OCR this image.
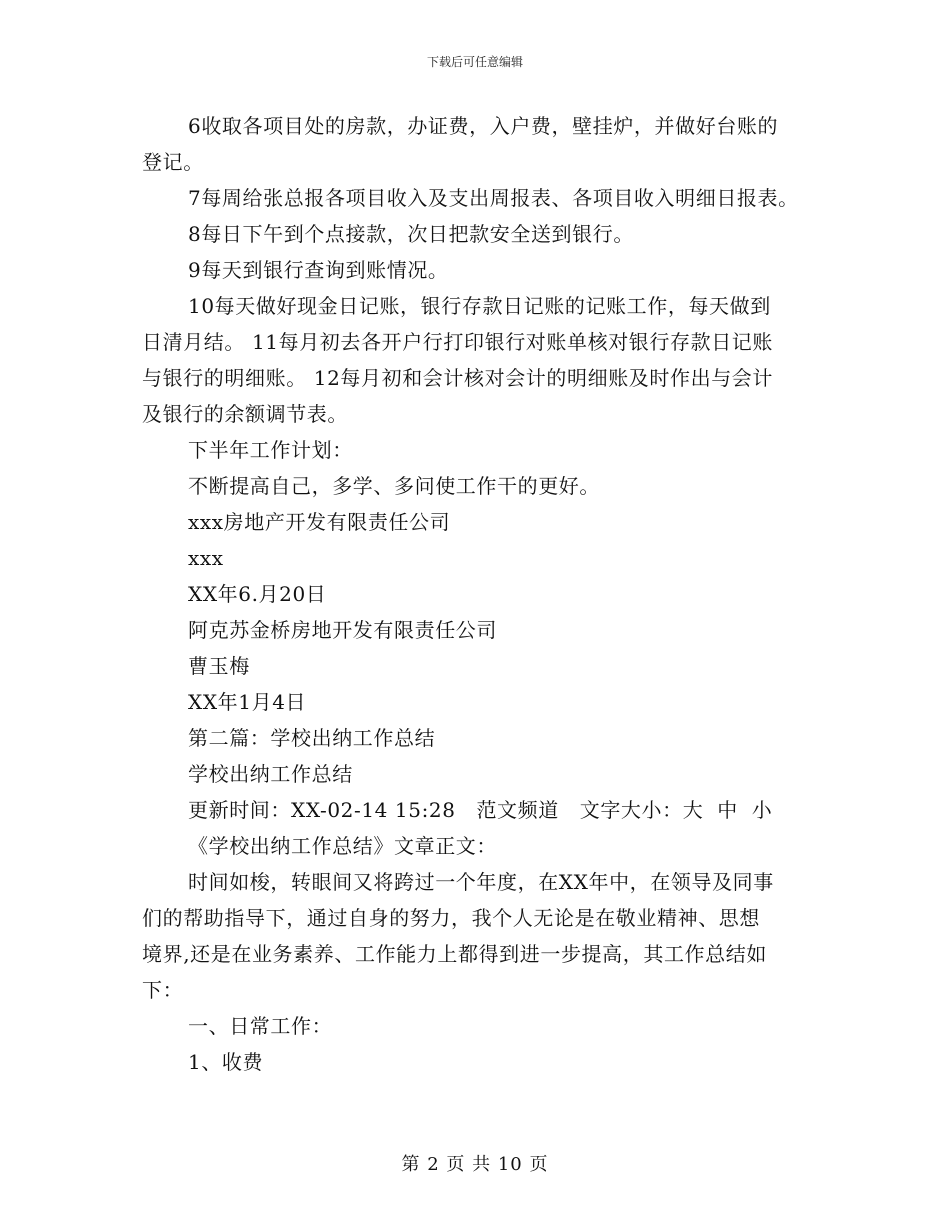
下载后可任意编辑
6收取各项目处的房款，办证费，入户费，壁挂炉，并做好台账的
登记。
7每周给张总报各项目收入及支出周报表、各项目收入明细日报表。
8每日下午到个点接款，次日把款安全送到银行。
9每天到银行查询到账情况。
10每天做好现金日记账，银行存款日记账的记账工作，每天做到
日清月结。 11每月初去各开户行打印银行对账单核对银行存款日记账
与银行的明细账。 12每月初和会计核对会计的明细账及时作出与会计
及银行的余额调节表。
下半年工作计划：
不断提高自己，多学、多问使工作干的更好。
xxx房地产开发有限责任公司
xxx
XX年6.月20日
阿克苏金桥房地开发有限责任公司
曹玉梅
XX年1月4日
第二篇：学校出纳工作总结
学校出纳工作总结
更新时间：XX-02-14 15:28   范文频道   文字大小：大  中  小
《学校出纳工作总结》文章正文：
时间如梭，转眼间又将跨过一个年度，在XX年中，在领导及同事
们的帮助指导下，通过自身的努力，我个人无论是在敬业精神、思想
境界,还是在业务素养、工作能力上都得到进一步提高，其工作总结如
下：
一、日常工作：
1、收费
第 2 页 共 10 页
